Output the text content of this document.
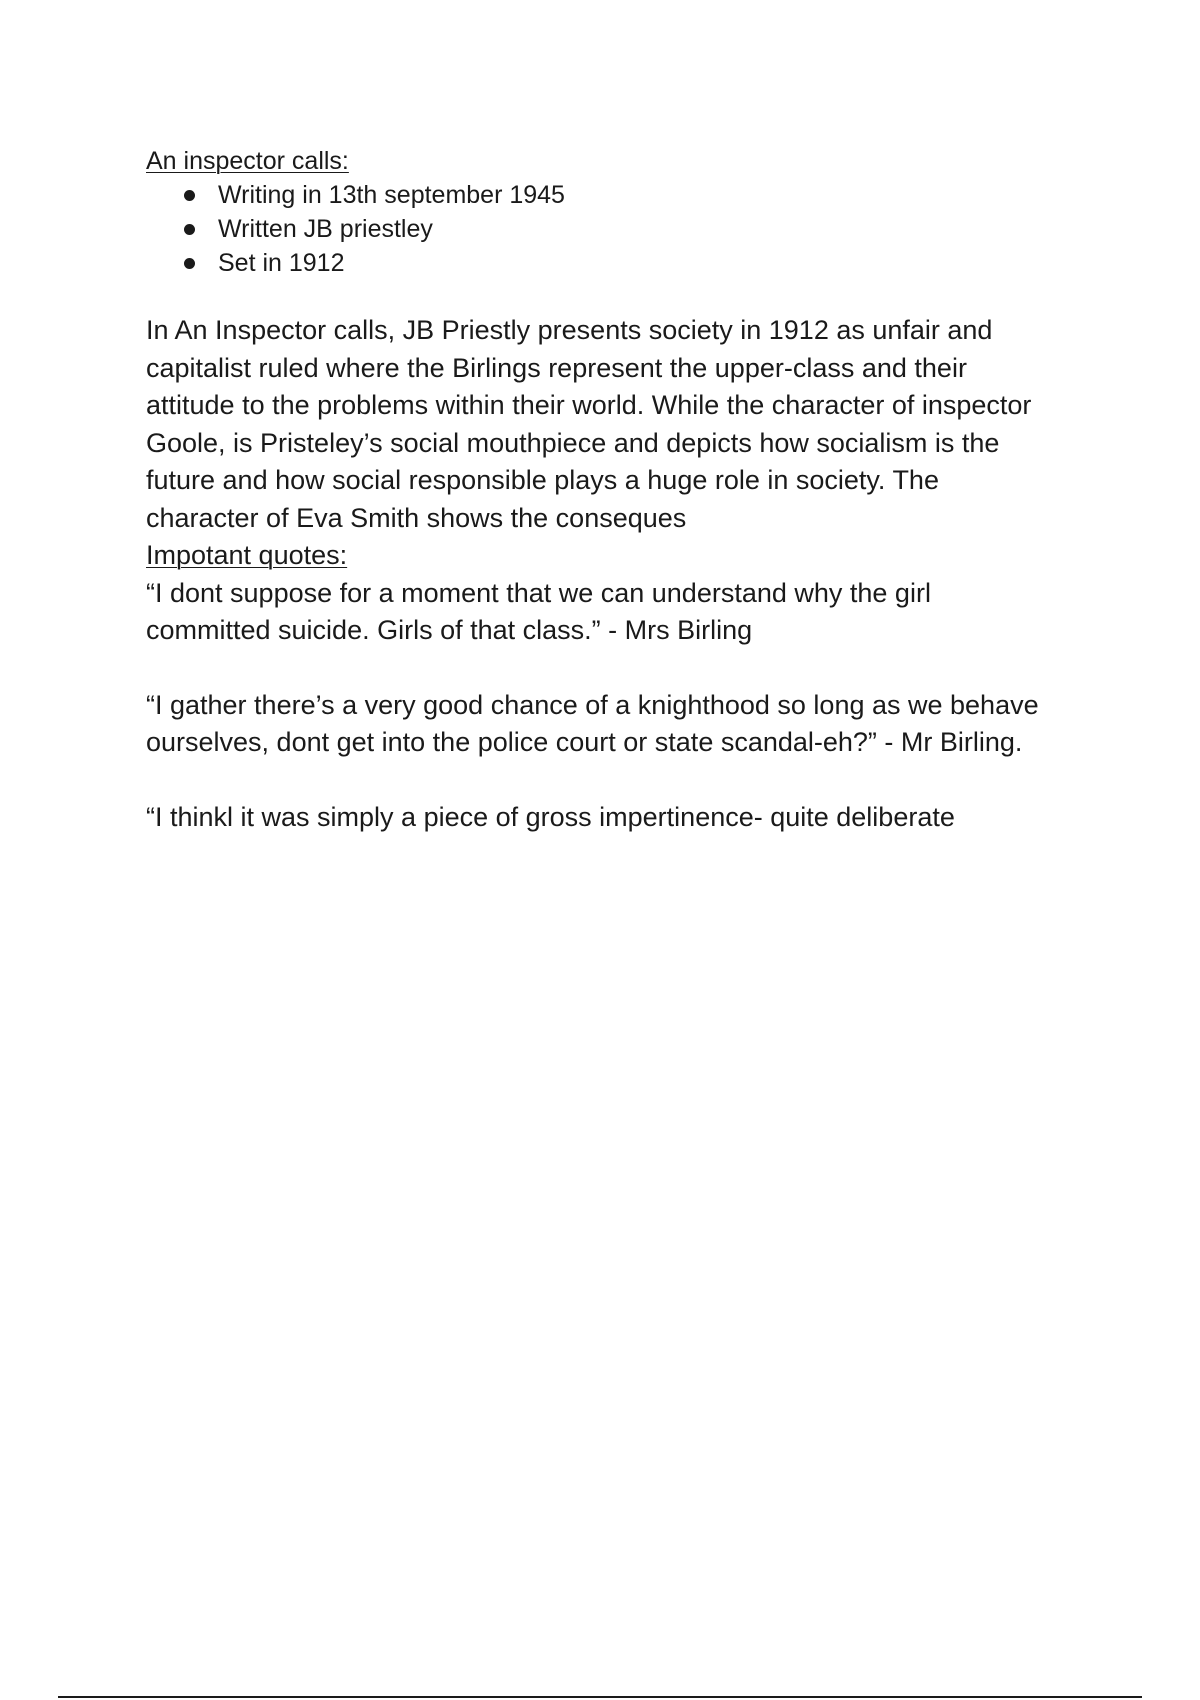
An inspector calls:
Writing in 13th september 1945
Written JB priestley
Set in 1912

In An Inspector calls, JB Priestly presents society in 1912 as unfair and capitalist ruled where the Birlings represent the upper-class and their attitude to the problems within their world. While the character of inspector Goole, is Pristeley’s social mouthpiece and depicts how socialism is the future and how social responsible plays a huge role in society. The character of Eva Smith shows the conseques

Impotant quotes:

“I dont suppose for a moment that we can understand why the girl committed suicide. Girls of that class.” - Mrs Birling

“I gather there’s a very good chance of a knighthood so long as we behave ourselves, dont get into the police court or state scandal-eh?” - Mr Birling.

“I thinkl it was simply a piece of gross impertinence- quite deliberate
